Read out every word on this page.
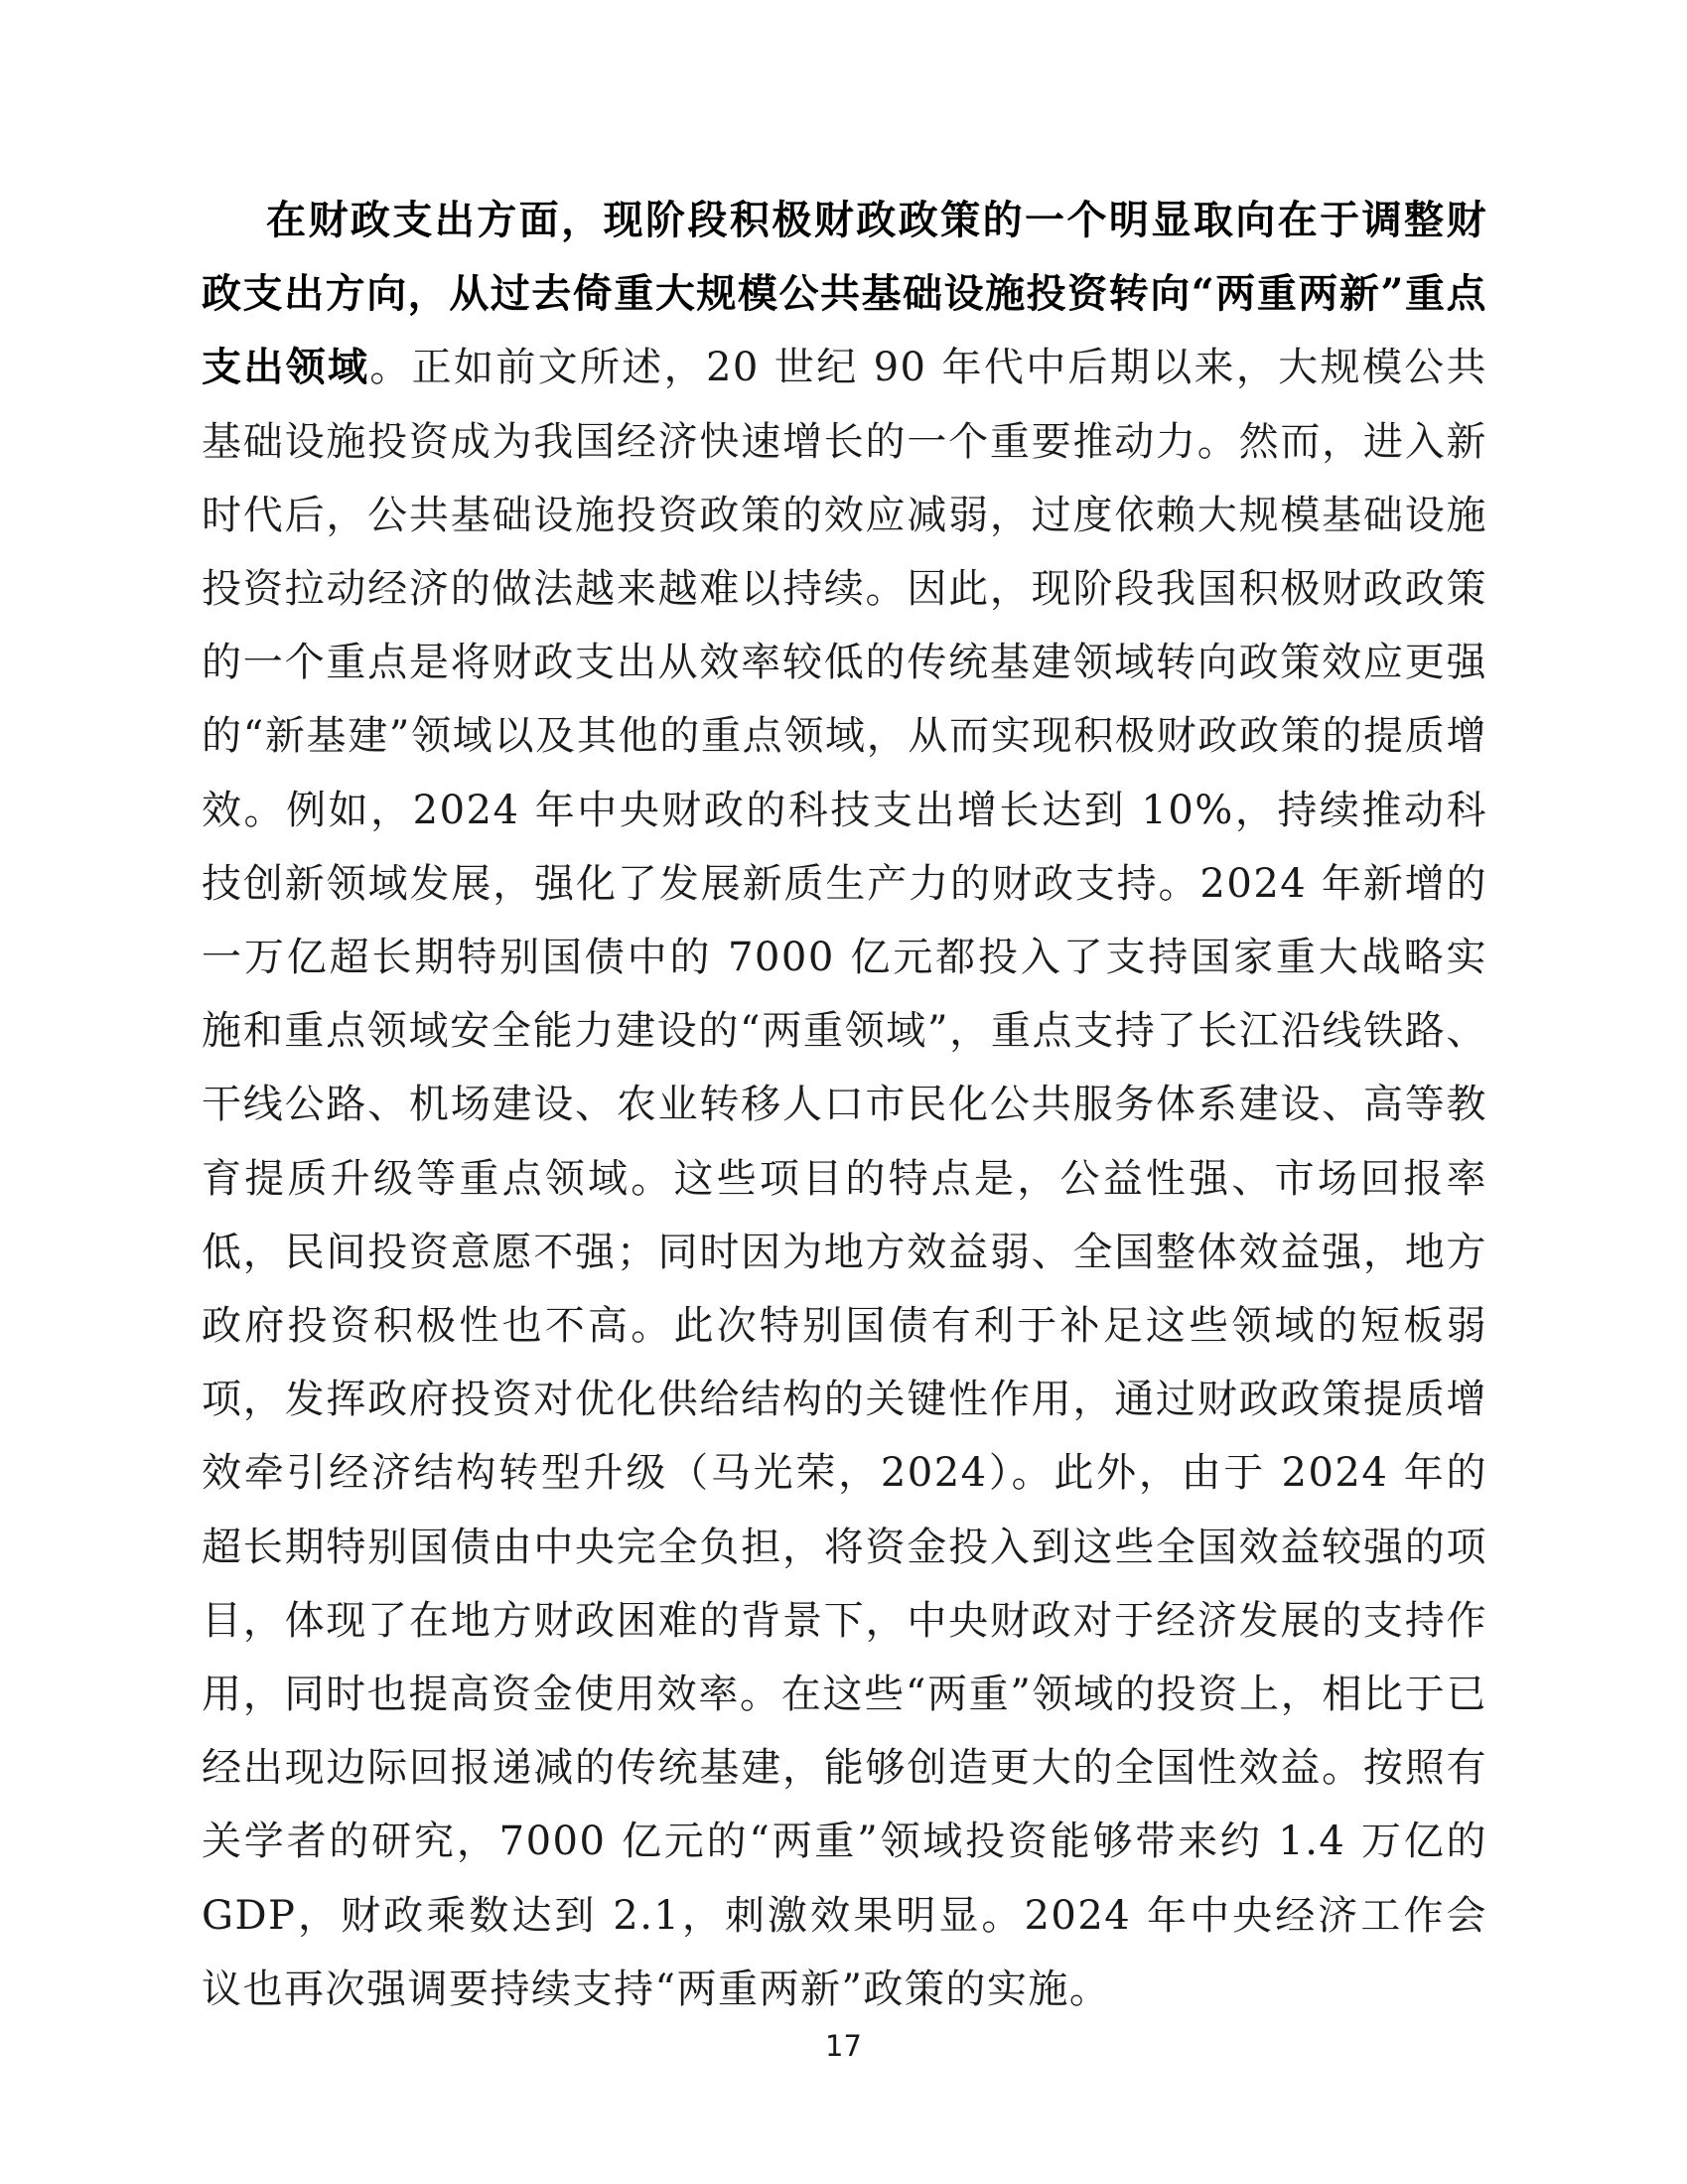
在财政支出方面，现阶段积极财政政策的一个明显取向在于调整财政支出方向，从过去倚重大规模公共基础设施投资转向“两重两新”重点支出领域。正如前文所述，20 世纪 90 年代中后期以来，大规模公共基础设施投资成为我国经济快速增长的一个重要推动力。然而，进入新时代后，公共基础设施投资政策的效应减弱，过度依赖大规模基础设施投资拉动经济的做法越来越难以持续。因此，现阶段我国积极财政政策的一个重点是将财政支出从效率较低的传统基建领域转向政策效应更强的“新基建”领域以及其他的重点领域，从而实现积极财政政策的提质增效。例如，2024 年中央财政的科技支出增长达到 10%，持续推动科技创新领域发展，强化了发展新质生产力的财政支持。2024 年新增的一万亿超长期特别国债中的 7000 亿元都投入了支持国家重大战略实施和重点领域安全能力建设的“两重领域”，重点支持了长江沿线铁路、干线公路、机场建设、农业转移人口市民化公共服务体系建设、高等教育提质升级等重点领域。这些项目的特点是，公益性强、市场回报率低，民间投资意愿不强；同时因为地方效益弱、全国整体效益强，地方政府投资积极性也不高。此次特别国债有利于补足这些领域的短板弱项，发挥政府投资对优化供给结构的关键性作用，通过财政政策提质增效牵引经济结构转型升级（马光荣，2024）。此外，由于 2024 年的超长期特别国债由中央完全负担，将资金投入到这些全国效益较强的项目，体现了在地方财政困难的背景下，中央财政对于经济发展的支持作用，同时也提高资金使用效率。在这些“两重”领域的投资上，相比于已经出现边际回报递减的传统基建，能够创造更大的全国性效益。按照有关学者的研究，7000 亿元的“两重”领域投资能够带来约 1.4 万亿的 GDP，财政乘数达到 2.1，刺激效果明显。2024 年中央经济工作会议也再次强调要持续支持“两重两新”政策的实施。

17
